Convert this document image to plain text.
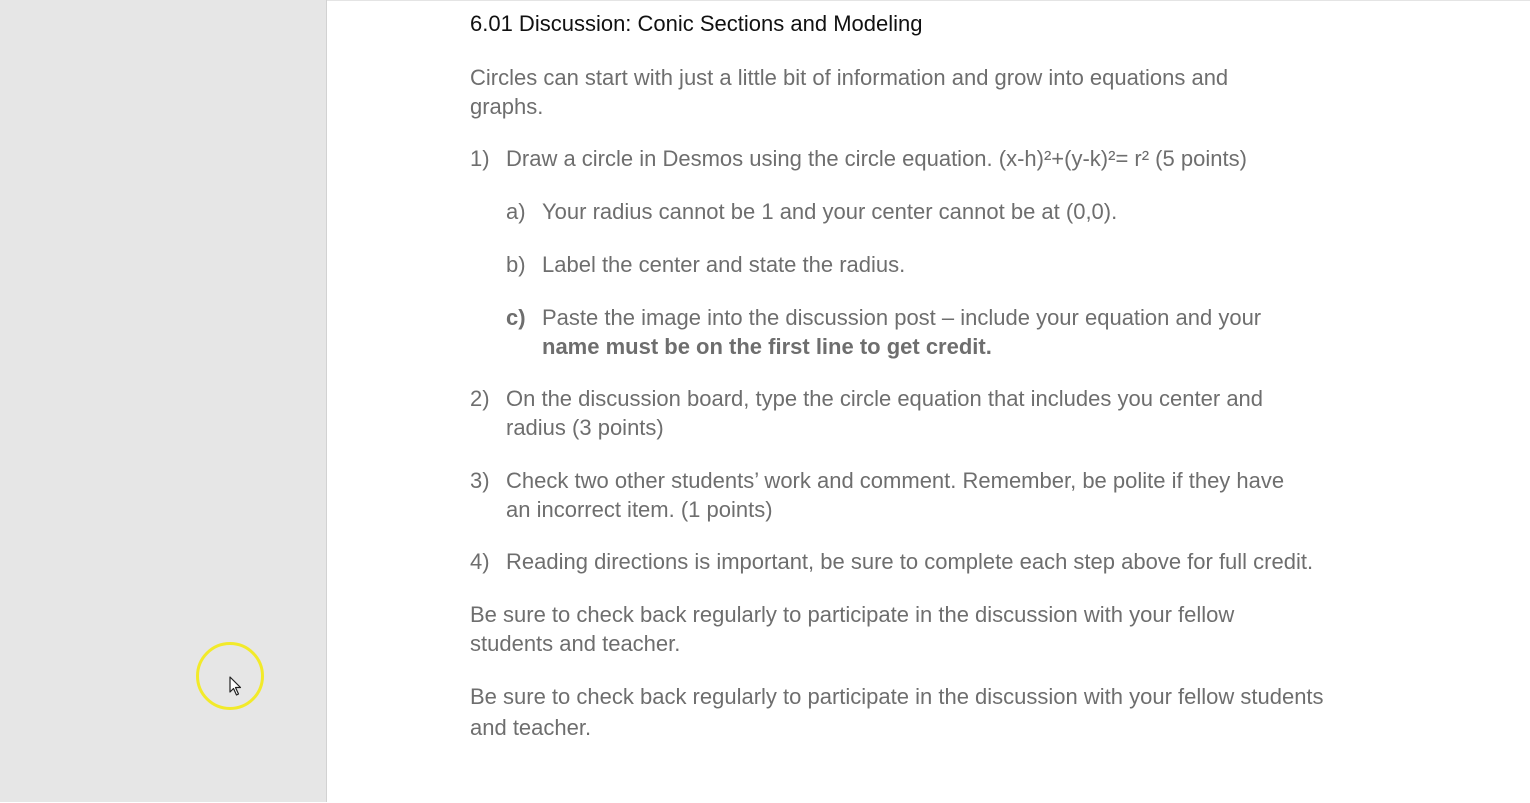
6.01 Discussion: Conic Sections and Modeling
Circles can start with just a little bit of information and grow into equations and
graphs.
1) Draw a circle in Desmos using the circle equation. (x-h)²+(y-k)²= r² (5 points)
a) Your radius cannot be 1 and your center cannot be at (0,0).
b) Label the center and state the radius.
c) Paste the image into the discussion post – include your equation and your
name must be on the first line to get credit.
2) On the discussion board, type the circle equation that includes you center and
radius (3 points)
3) Check two other students’ work and comment. Remember, be polite if they have
an incorrect item. (1 points)
4) Reading directions is important, be sure to complete each step above for full credit.
Be sure to check back regularly to participate in the discussion with your fellow
students and teacher.
Be sure to check back regularly to participate in the discussion with your fellow students
and teacher.
